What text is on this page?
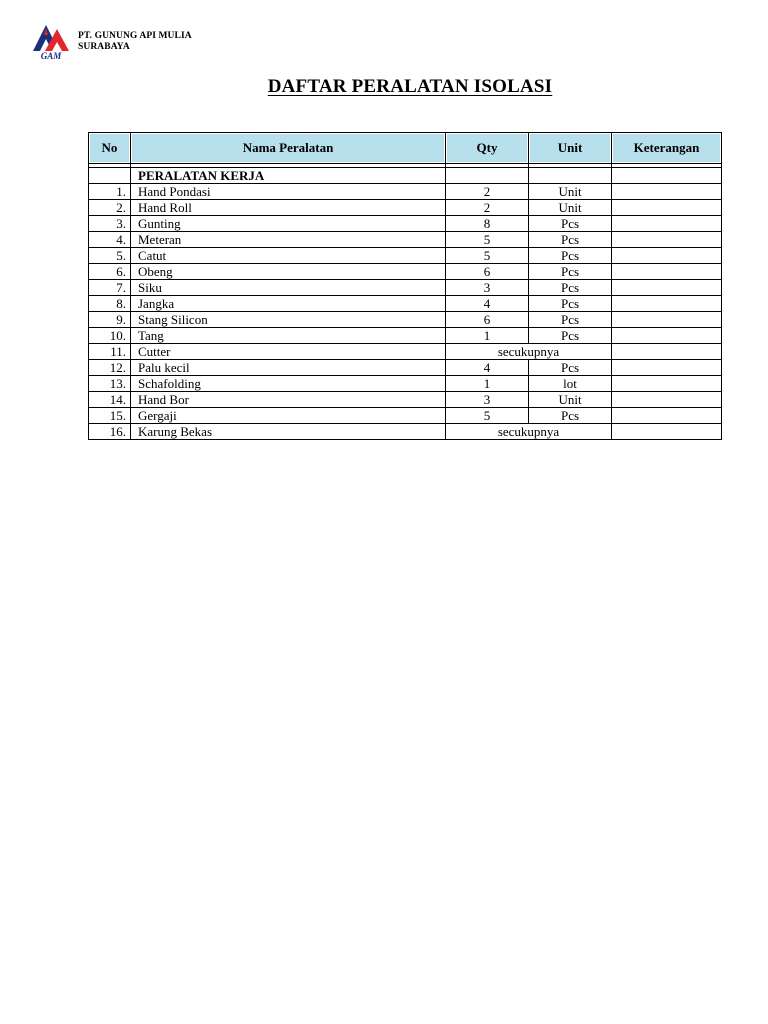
GAM
PT. GUNUNG API MULIA
SURABAYA
DAFTAR PERALATAN ISOLASI
No	Nama Peralatan	Qty	Unit	Keterangan

	PERALATAN KERJA			
1.	Hand Pondasi	2	Unit	
2.	Hand Roll	2	Unit	
3.	Gunting	8	Pcs	
4.	Meteran	5	Pcs	
5.	Catut	5	Pcs	
6.	Obeng	6	Pcs	
7.	Siku	3	Pcs	
8.	Jangka	4	Pcs	
9.	Stang Silicon	6	Pcs	
10.	Tang	1	Pcs	
11.	Cutter	secukupnya		
12.	Palu kecil	4	Pcs	
13.	Schafolding	1	lot	
14.	Hand Bor	3	Unit	
15.	Gergaji	5	Pcs	
16.	Karung Bekas	secukupnya		
